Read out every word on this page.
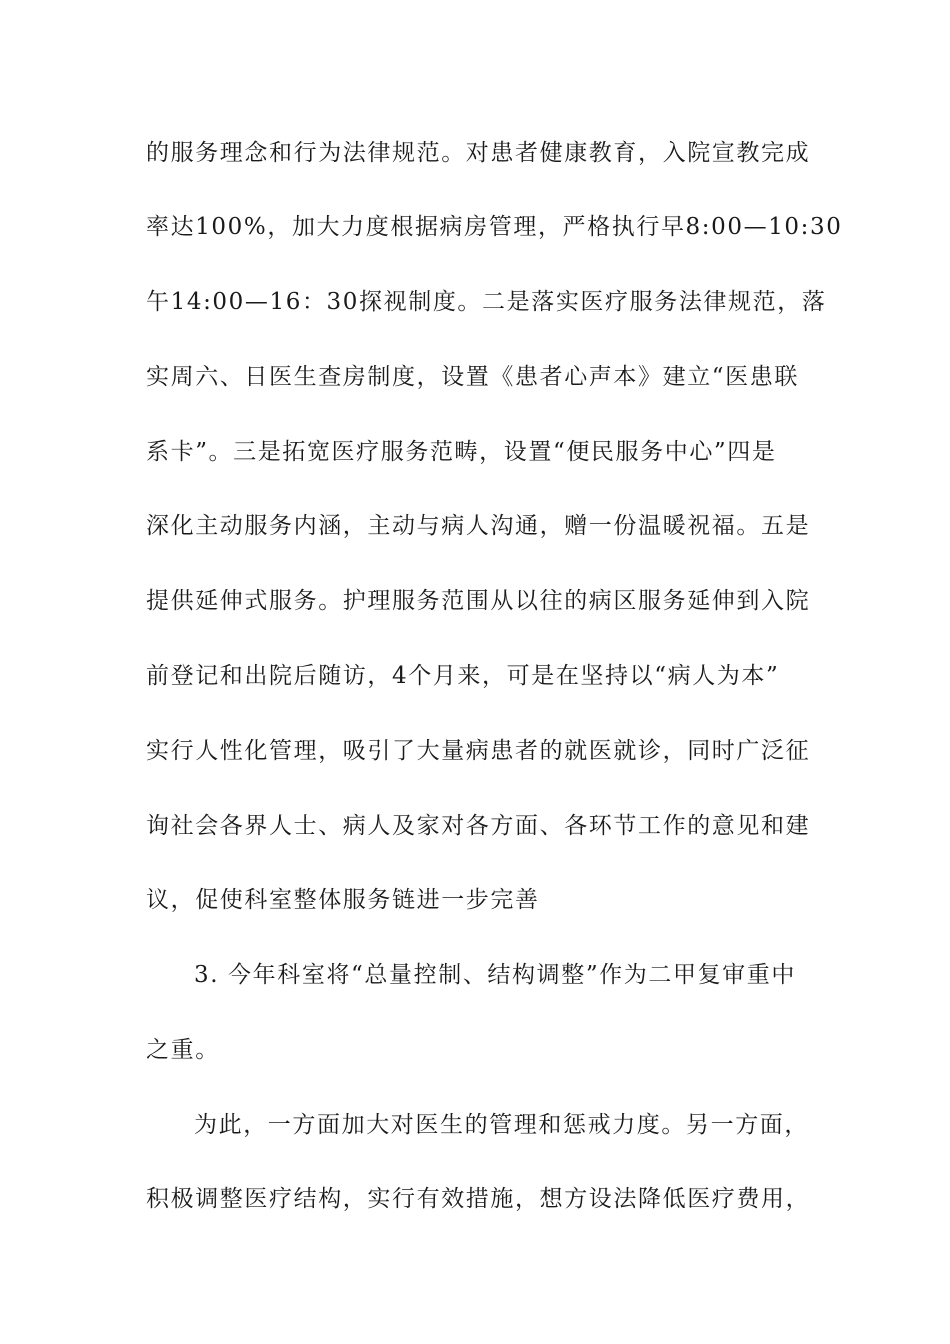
的服务理念和行为法律规范。对患者健康教育，入院宣教完成
率达100%，加大力度根据病房管理，严格执行早8:00—10:30
午14:00—16：30探视制度。二是落实医疗服务法律规范，落
实周六、日医生查房制度，设置《患者心声本》建立“医患联
系卡”。三是拓宽医疗服务范畴，设置“便民服务中心”四是
深化主动服务内涵，主动与病人沟通，赠一份温暖祝福。五是
提供延伸式服务。护理服务范围从以往的病区服务延伸到入院
前登记和出院后随访，4个月来，可是在坚持以“病人为本”
实行人性化管理，吸引了大量病患者的就医就诊，同时广泛征
询社会各界人士、病人及家对各方面、各环节工作的意见和建
议，促使科室整体服务链进一步完善
3. 今年科室将“总量控制、结构调整”作为二甲复审重中
之重。
为此，一方面加大对医生的管理和惩戒力度。另一方面，
积极调整医疗结构，实行有效措施，想方设法降低医疗费用，
